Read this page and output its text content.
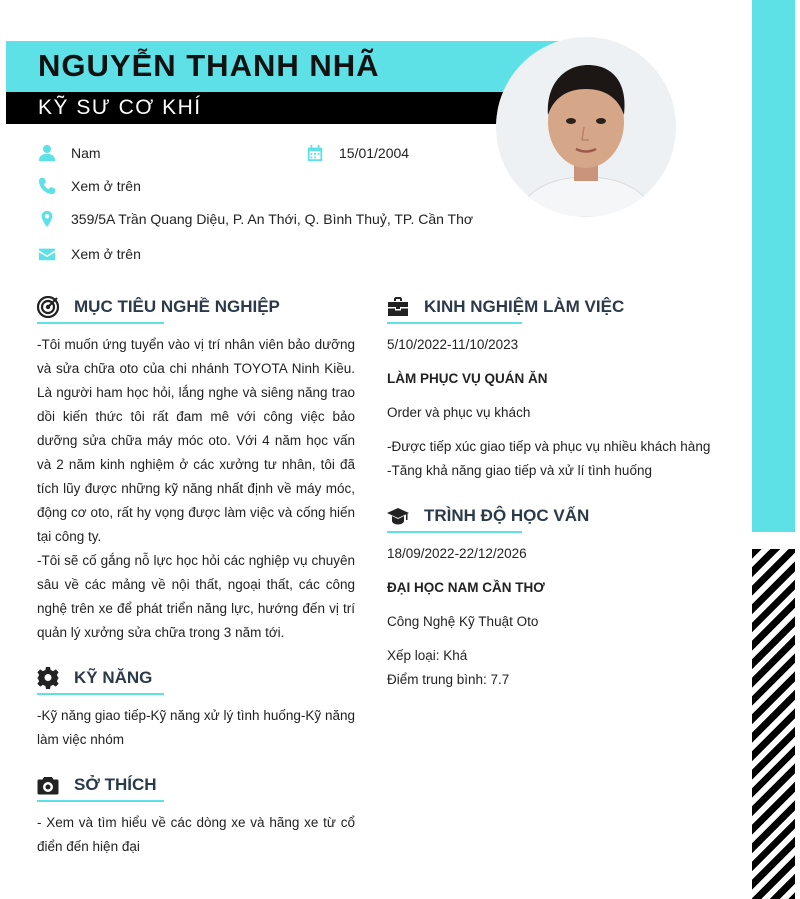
NGUYỄN THANH NHÃ
KỸ SƯ CƠ KHÍ
Nam	15/01/2004
Xem ở trên
359/5A Trần Quang Diệu, P. An Thới, Q. Bình Thuỷ, TP. Cần Thơ
Xem ở trên
MỤC TIÊU NGHỀ NGHIỆP
-Tôi muốn ứng tuyển vào vị trí nhân viên bảo dưỡng và sửa chữa oto của chi nhánh TOYOTA Ninh Kiều. Là người ham học hỏi, lắng nghe và siêng năng trao dồi kiến thức tôi rất đam mê với công việc bảo dưỡng sửa chữa máy móc oto. Với 4 năm học vấn và 2 năm kinh nghiệm ở các xưởng tư nhân, tôi đã tích lũy được những kỹ năng nhất định về máy móc, động cơ oto, rất hy vọng được làm việc và cống hiến tại công ty.
-Tôi sẽ cố gắng nỗ lực học hỏi các nghiệp vụ chuyên sâu về các mảng về nội thất, ngoại thất, các công nghệ trên xe để phát triển năng lực, hướng đến vị trí quản lý xưởng sửa chữa trong 3 năm tới.
KỸ NĂNG
-Kỹ năng giao tiếp-Kỹ năng xử lý tình huống-Kỹ năng làm việc nhóm
SỞ THÍCH
- Xem và tìm hiểu về các dòng xe và hãng xe từ cổ điển đến hiện đại
KINH NGHIỆM LÀM VIỆC
5/10/2022-11/10/2023
LÀM PHỤC VỤ QUÁN ĂN
Order và phục vụ khách
-Được tiếp xúc giao tiếp và phục vụ nhiều khách hàng
-Tăng khả năng giao tiếp và xử lí tình huống
TRÌNH ĐỘ HỌC VẤN
18/09/2022-22/12/2026
ĐẠI HỌC NAM CẦN THƠ
Công Nghệ Kỹ Thuật Oto
Xếp loại: Khá
Điểm trung bình: 7.7
